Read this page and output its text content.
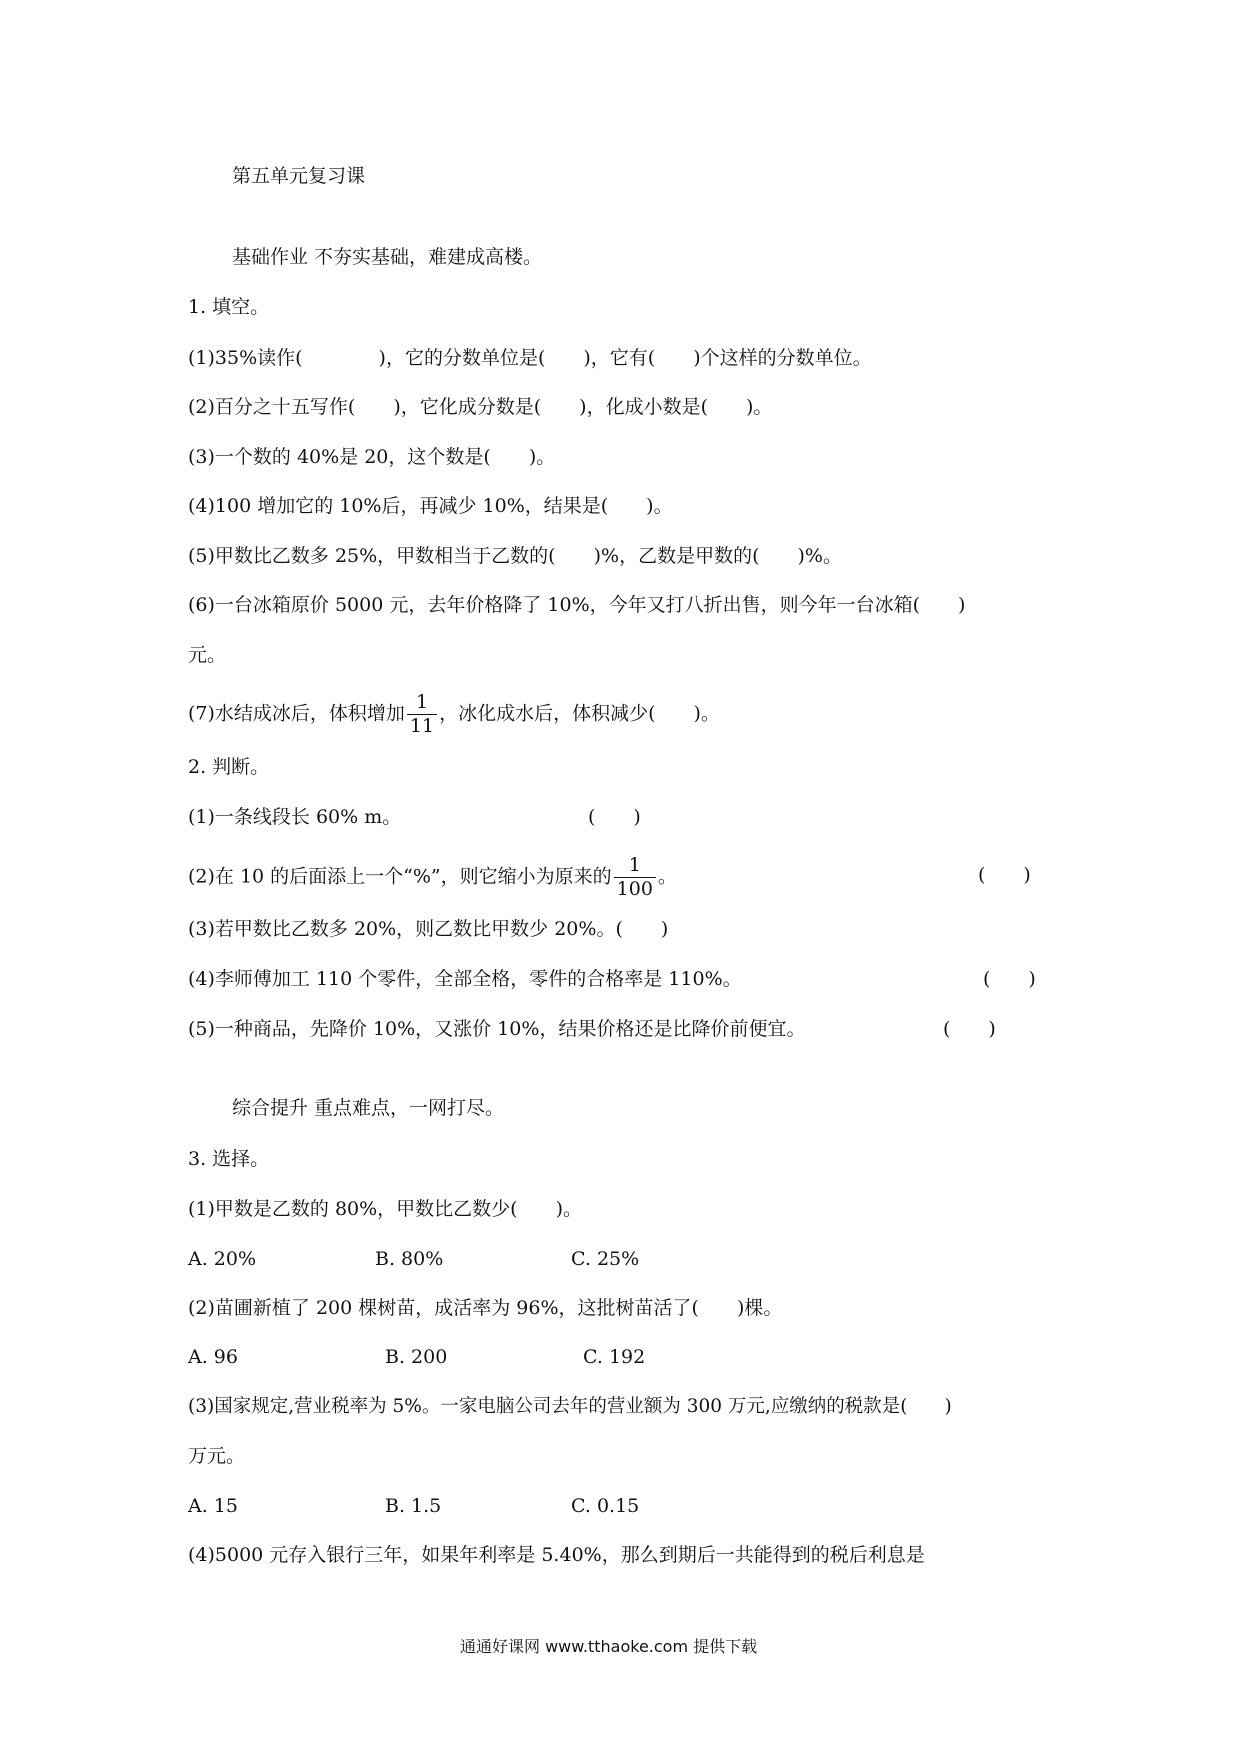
第五单元复习课
基础作业 不夯实基础，难建成高楼。
1. 填空。
(1)35%读作(　　　　)，它的分数单位是(　　)，它有(　　)个这样的分数单位。
(2)百分之十五写作(　　)，它化成分数是(　　)，化成小数是(　　)。
(3)一个数的 40%是 20，这个数是(　　)。
(4)100 增加它的 10%后，再减少 10%，结果是(　　)。
(5)甲数比乙数多 25%，甲数相当于乙数的(　　)%，乙数是甲数的(　　)%。
(6)一台冰箱原价 5000 元，去年价格降了 10%，今年又打八折出售，则今年一台冰箱(　　)
元。
(7)水结成冰后，体积增加 $\frac{1}{11}$ ，冰化成水后，体积减少(　　)。
2. 判断。
(1)一条线段长 60% m。	(　　)
(2)在 10 的后面添上一个“%”，则它缩小为原来的 $\frac{1}{100}$ 。	(　　)
(3)若甲数比乙数多 20%，则乙数比甲数少 20%。(　　)
(4)李师傅加工 110 个零件，全部全格，零件的合格率是 110%。	(　　)
(5)一种商品，先降价 10%，又涨价 10%，结果价格还是比降价前便宜。	(　　)
综合提升 重点难点，一网打尽。
3. 选择。
(1)甲数是乙数的 80%，甲数比乙数少(　　)。
A. 20%	B. 80%	C. 25%
(2)苗圃新植了 200 棵树苗，成活率为 96%，这批树苗活了(　　)棵。
A. 96	B. 200	C. 192
(3)国家规定,营业税率为 5%。一家电脑公司去年的营业额为 300 万元,应缴纳的税款是(　　)
万元。
A. 15	B. 1.5	C. 0.15
(4)5000 元存入银行三年，如果年利率是 5.40%，那么到期后一共能得到的税后利息是
通通好课网 www.tthaoke.com 提供下载
